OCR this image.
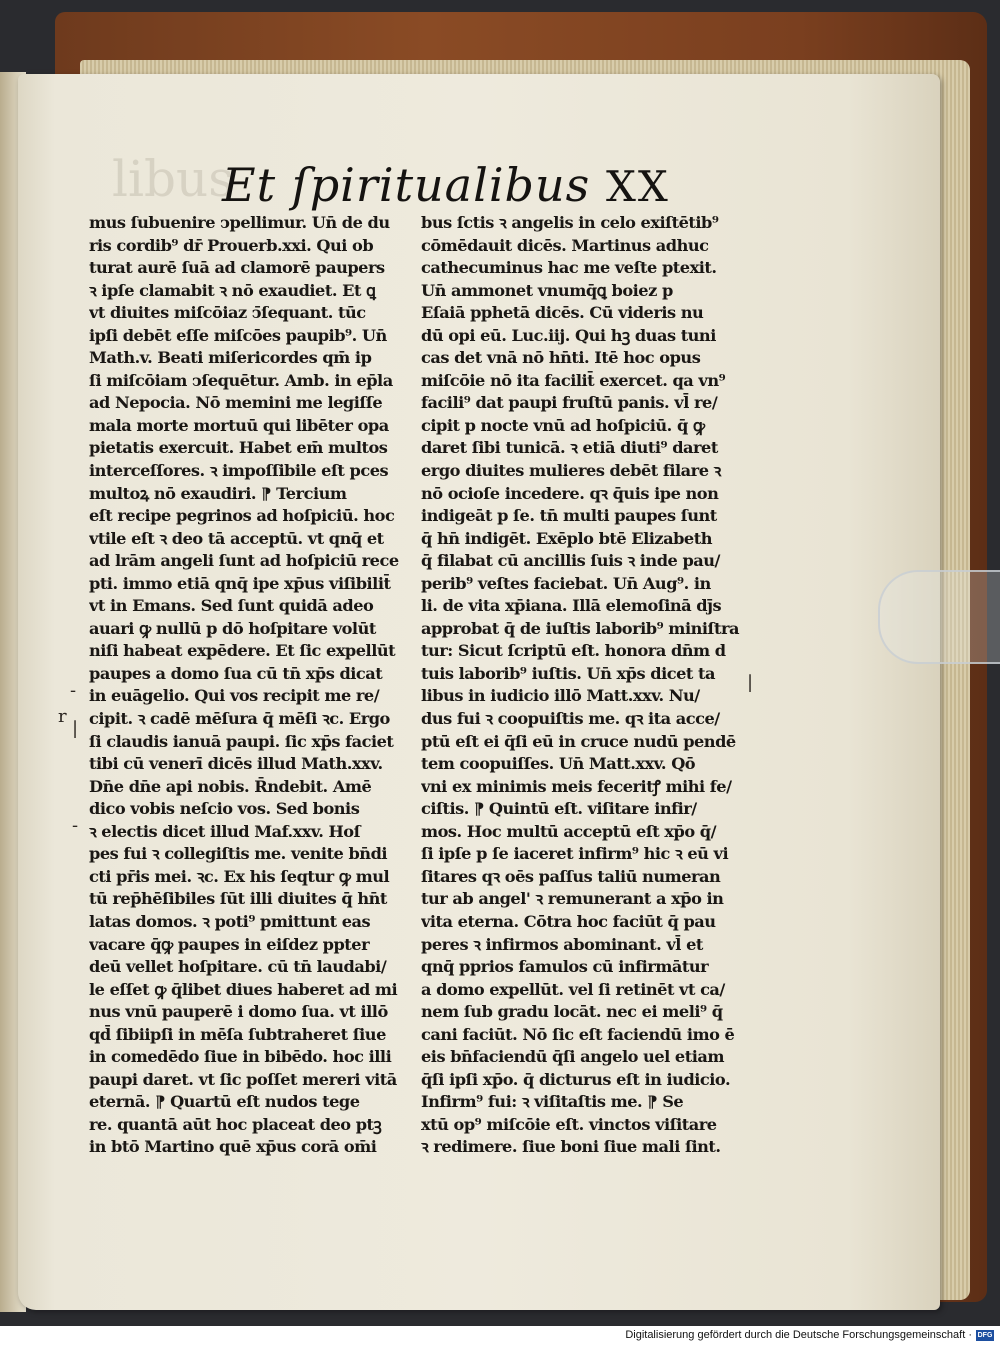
libus
Et ſpiritualibus XX
mus ſubuenire ↄpellimur. Un̄ de du
ris cordib⁹ dr̄ Prouerb.xxi. Qui ob
turat aurē ſuā ad clamorē paupers
ꝛ ipſe clamabit ꝛ nō exaudiet. Et ꝗ
vt diuites miſcōiaz ↄ̄ſequant. tūc
ipſi debēt eſſe miſcōes paupib⁹. Un̄
Math.v. Beati miſericordes qm̄ ip
ſi miſcōiam ↄſequētur. Amb. in ep̄la
ad Nepocia. Nō memini me legiſſe
mala morte mortuū qui libēter opa
pietatis exercuit. Habet em̄ multos
interceſſores. ꝛ impoſſibile eſt pces
multoꝝ nō exaudiri. ⁋ Tercium
eſt recipe pegrinos ad hoſpiciū. hoc
vtile eſt ꝛ deo tā acceptū. vt qnq̄ et
ad lrām angeli ſunt ad hoſpiciū rece
pti. immo etiā qnq̄ ipe xp̄us viſibilit̄
vt in Emans. Sed ſunt quidā adeo
auari ꝙ nullū p dō hoſpitare volūt
niſi habeat expēdere. Et ſic expellūt
paupes a domo ſua cū tn̄ xp̄s dicat
in euāgelio. Qui vos recipit me re/
cipit. ꝛ cadē mēſura q̄ mēſi ꝛc. Ergo
ſi claudis ianuā paupi. ſic xp̄s faciet
tibi cū venerī dicēs illud Math.xxv.
Dn̄e dn̄e api nobis. R̄ndebit. Amē
dico vobis neſcio vos. Sed bonis
ꝛ electis dicet illud Maf.xxv. Hoſ
pes fui ꝛ collegiſtis me. venite bn̄di
cti pr̄is mei. ꝛc. Ex his ſeqtur ꝙ mul
tū rep̄hēſibiles ſūt illi diuites q̄ hn̄t
latas domos. ꝛ poti⁹ pmittunt eas
vacare q̄ꝙ paupes in eiſdez ppter
deū vellet hoſpitare. cū tn̄ laudabi/
le eſſet ꝙ q̄libet diues haberet ad mi
nus vnū pauperē i domo ſua. vt illō
qd̄ ſibiipſi in mēſa ſubtraheret ſiue
in comedēdo ſiue in bibēdo. hoc illi
paupi daret. vt ſic poſſet mereri vitā
eternā. ⁋ Quartū eſt nudos tege
re. quantā aūt hoc placeat deo ptꝫ
in btō Martino quē xp̄us corā om̄i
bus ſctis ꝛ angelis in celo exiſtētib⁹
cōmēdauit dicēs. Martinus adhuc
cathecuminus hac me veſte ptexit.
Un̄ ammonet vnumq̄ꝗ boiez p
Eſaiā pphetā dicēs. Cū videris nu
dū opi eū. Luc.iij. Qui hꝫ duas tuni
cas det vnā nō hn̄ti. Itē hoc opus
miſcōie nō ita facilit̄ exercet. qa vn⁹
facili⁹ dat paupi fruſtū panis. vl̄ re/
cipit p nocte vnū ad hoſpiciū. q̄ ꝙ
daret ſibi tunicā. ꝛ etiā diuti⁹ daret
ergo diuites mulieres debēt filare ꝛ
nō ocioſe incedere. qꝛ q̄uis ipe non
indigeāt p ſe. tn̄ multi paupes ſunt
q̄ hn̄ indigēt. Exēplo btē Elizabeth
q̄ filabat cū ancillis ſuis ꝛ inde pau/
perib⁹ veſtes faciebat. Un̄ Aug⁹. in
li. de vita xp̄iana. Illā elemoſinā dȷ̄s
approbat q̄ de iuſtis laborib⁹ miniſtra
tur: Sicut ſcriptū eſt. honora dn̄m d
tuis laborib⁹ iuſtis. Un̄ xp̄s dicet ta
libus in iudicio illō Matt.xxv. Nu/
dus fui ꝛ coopuiſtis me. qꝛ ita acce/
ptū eſt ei q̄ſi eū in cruce nudū pendē
tem coopuiſſes. Un̄ Matt.xxv. Qō
vni ex minimis meis feceritꝭ mihi fe/
ciſtis. ⁋ Quintū eſt. viſitare infir/
mos. Hoc multū acceptū eſt xp̄o q̄/
ſi ipſe p ſe iaceret infirm⁹ hic ꝛ eū vi
ſitares qꝛ oēs paſſus taliū numeran
tur ab angel' ꝛ remunerant a xp̄o in
vita eterna. Cōtra hoc faciūt q̄ pau
peres ꝛ infirmos abominant. vl̄ et
qnq̄ pprios famulos cū infirmātur
a domo expellūt. vel ſi retinēt vt ca/
nem ſub gradu locāt. nec ei meli⁹ q̄
cani faciūt. Nō ſic eſt faciendū imo ē
eis bn̄faciendū q̄ſi angelo uel etiam
q̄ſi ipſi xp̄o. q̄ dicturus eſt in iudicio.
Infirm⁹ fui: ꝛ viſitaſtis me. ⁋ Se
xtū op⁹ miſcōie eſt. vinctos viſitare
ꝛ redimere. ſiue boni ſiue mali ſint.
-
r
|
-
|
Digitalisierung gefördert durch die Deutsche Forschungsgemeinschaft · DFG
